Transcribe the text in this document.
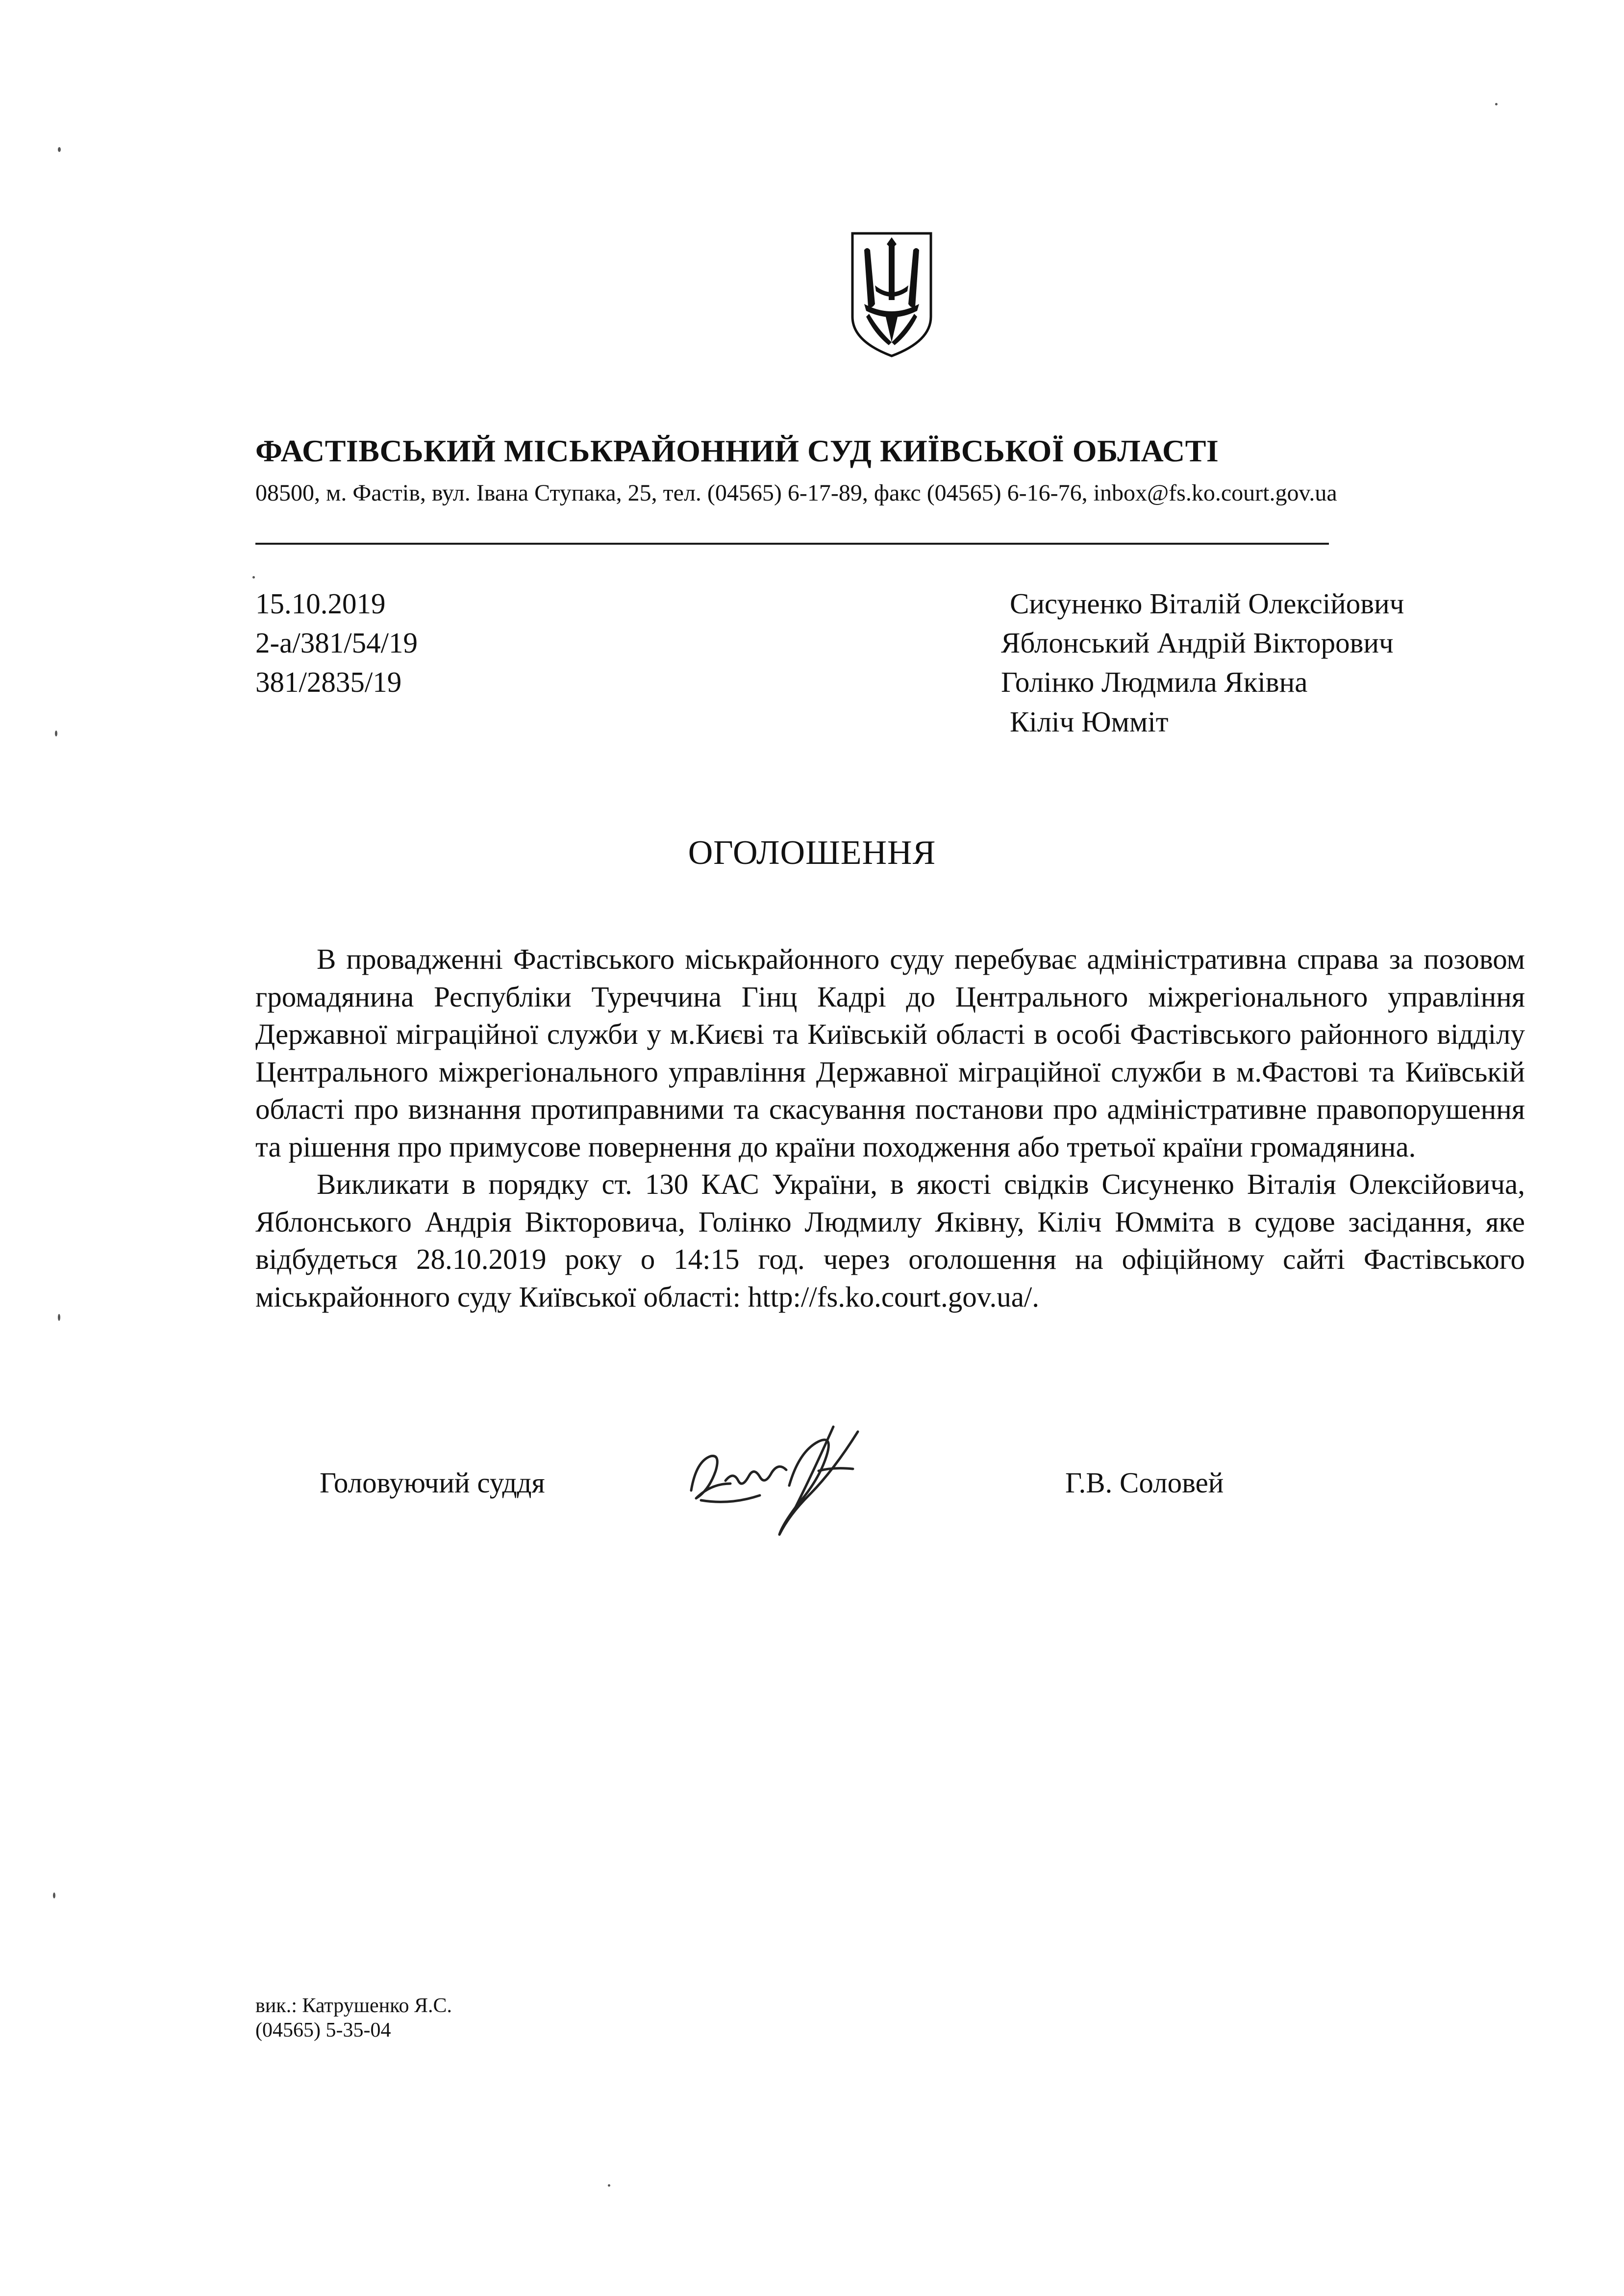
ФАСТІВСЬКИЙ МІСЬКРАЙОННИЙ СУД КИЇВСЬКОЇ ОБЛАСТІ
08500, м. Фастів, вул. Івана Ступака, 25, тел. (04565) 6-17-89, факс (04565) 6-16-76, inbox@fs.ko.court.gov.ua
15.10.2019
2-а/381/54/19
381/2835/19
Сисуненко Віталій Олексійович
Яблонський Андрій Вікторович
Голінко Людмила Яківна
Кіліч Юмміт
ОГОЛОШЕННЯ

В провадженні Фастівського міськрайонного суду перебуває адміністративна справа за позовом громадянина Республіки Туреччина Гінц Кадрі до Центрального міжрегіонального управління Державної міграційної служби у м.Києві та Київській області в особі Фастівського районного відділу Центрального міжрегіонального управління Державної міграційної служби в м.Фастові та Київській області про визнання протиправними та скасування постанови про адміністративне правопорушення та рішення про примусове повернення до країни походження або третьої країни громадянина.

Викликати в порядку ст. 130 КАС України, в якості свідків Сисуненко Віталія Олексійовича, Яблонського Андрія Вікторовича, Голінко Людмилу Яківну, Кіліч Юммітa в судове засідання, яке відбудеться 28.10.2019 року о 14:15 год. через оголошення на офіційному сайті Фастівського міськрайонного суду Київської області: http://fs.ko.court.gov.ua/.

Головуючий суддя	Г.В. Соловей
вик.: Катрушенко Я.С.
(04565) 5-35-04
